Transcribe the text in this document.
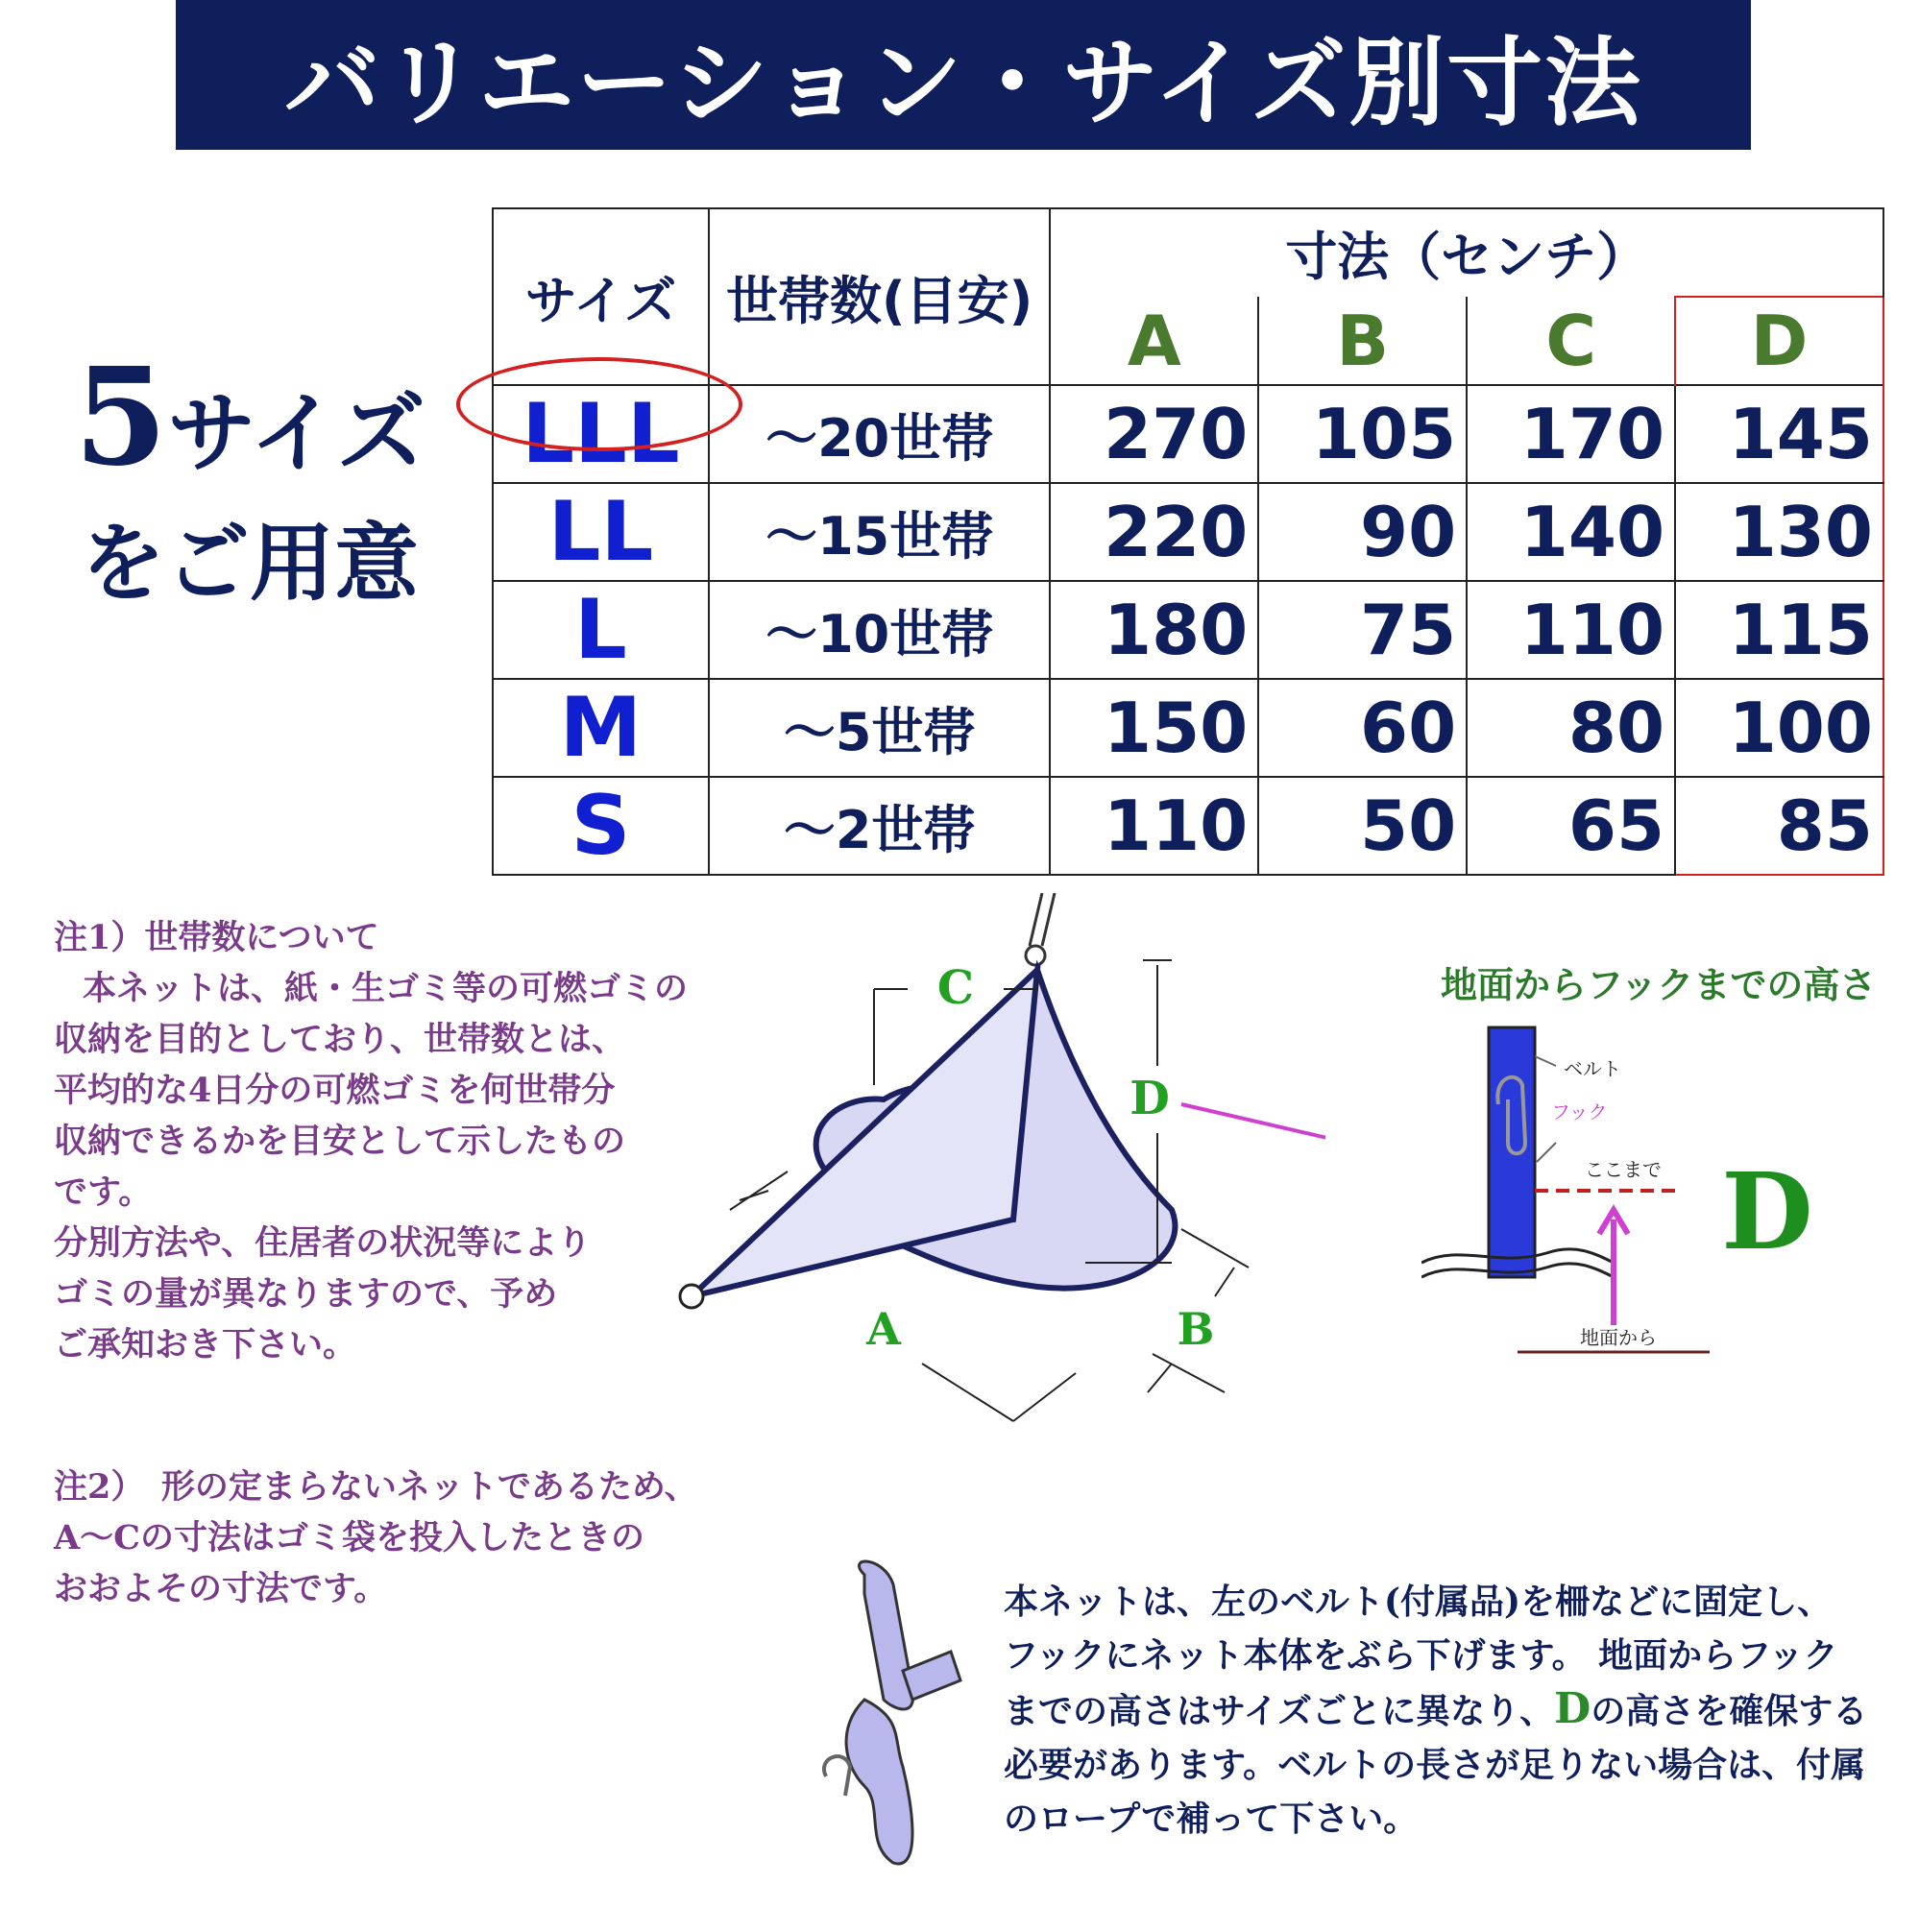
バリエーション・サイズ別寸法
5サイズ
をご用意
サイズ	世帯数(目安)	寸法（センチ）			
		A	B	C	D
LLL	～20世帯	270	105	170	145
LL	～15世帯	220	90	140	130
L	～10世帯	180	75	110	115
M	～5世帯	150	60	80	100
S	～2世帯	110	50	65	85
注1）世帯数について
本ネットは、紙・生ゴミ等の可燃ゴミの
収納を目的としており、世帯数とは、
平均的な4日分の可燃ゴミを何世帯分
収納できるかを目安として示したもの
です。
分別方法や、住居者の状況等により
ゴミの量が異なりますので、予め
ご承知おき下さい。
注2）　形の定まらないネットであるため、
A～Cの寸法はゴミ袋を投入したときの
おおよその寸法です。
C
D
A	B
地面からフックまでの高さ
ベルト
フック
ここまで
地面から
D
本ネットは、左のベルト(付属品)を柵などに固定し、
フックにネット本体をぶら下げます。 地面からフック
までの高さはサイズごとに異なり、Dの高さを確保する
必要があります。ベルトの長さが足りない場合は、付属
のロープで補って下さい。
